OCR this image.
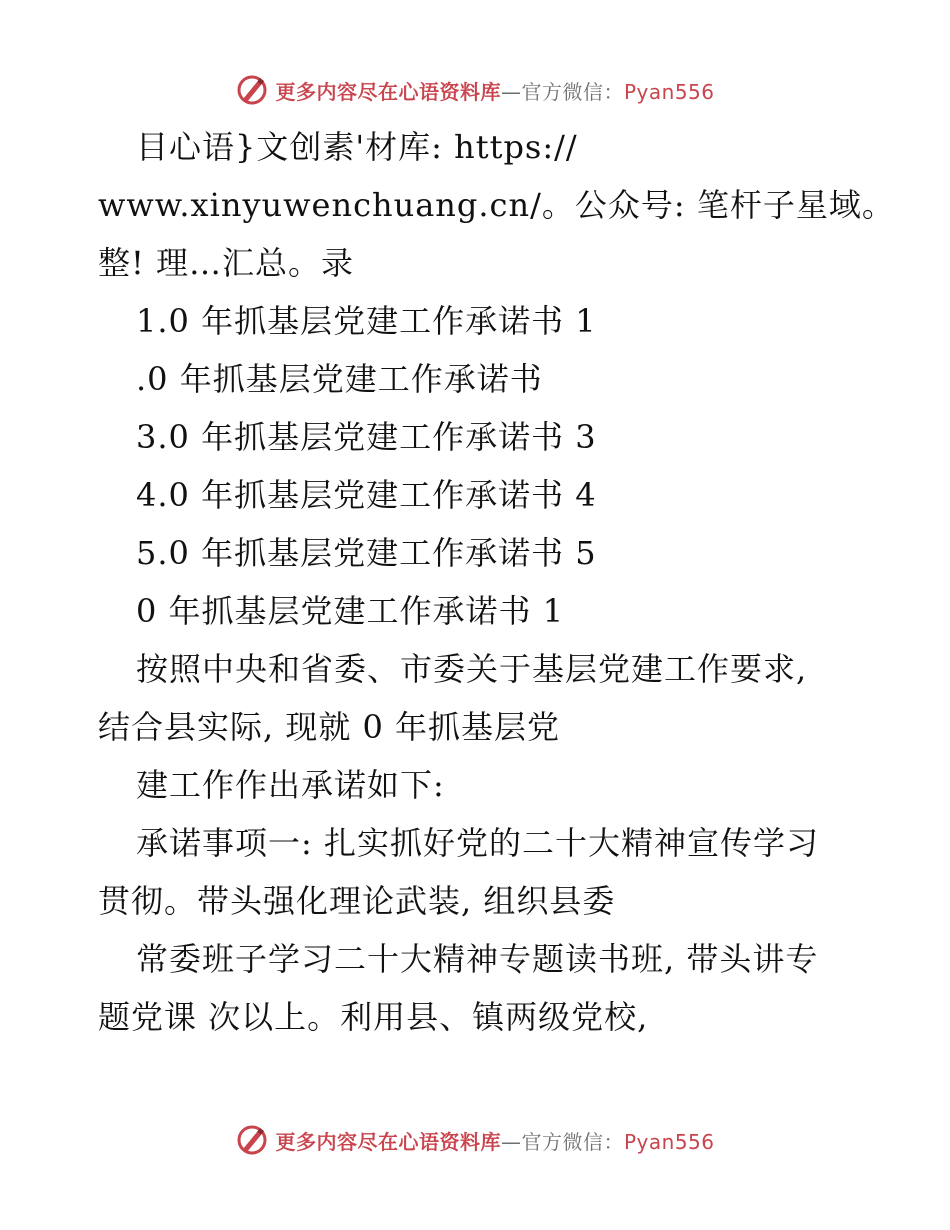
更多内容尽在心语资料库—官方微信：Pyan556
目心语}文创素'材库: https://
www.xinyuwenchuang.cn/。公众号: 笔杆子星域。
整! 理…汇总。录
1.0 年抓基层党建工作承诺书 1
.0 年抓基层党建工作承诺书
3.0 年抓基层党建工作承诺书 3
4.0 年抓基层党建工作承诺书 4
5.0 年抓基层党建工作承诺书 5
0 年抓基层党建工作承诺书 1
按照中央和省委、市委关于基层党建工作要求,
结合县实际, 现就 0 年抓基层党
建工作作出承诺如下:
承诺事项一: 扎实抓好党的二十大精神宣传学习
贯彻。带头强化理论武装, 组织县委
常委班子学习二十大精神专题读书班, 带头讲专
题党课 次以上。利用县、镇两级党校,
更多内容尽在心语资料库—官方微信：Pyan556
